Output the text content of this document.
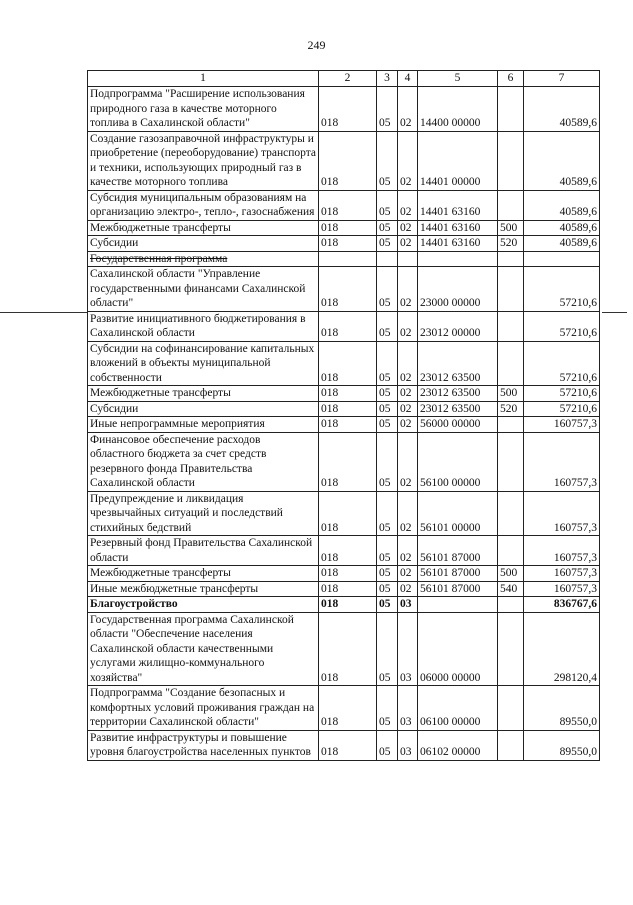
249
1	2	3	4	5	6	7
Подпрограмма "Расширение использования природного газа в качестве моторного топлива в Сахалинской области"	018	05	02	14400 00000		40589,6
Создание газозаправочной инфраструктуры и приобретение (переоборудование) транспорта и техники, использующих природный газ в качестве моторного топлива	018	05	02	14401 00000		40589,6
Субсидия муниципальным образованиям на организацию электро-, тепло-, газоснабжения	018	05	02	14401 63160		40589,6
Межбюджетные трансферты	018	05	02	14401 63160	500	40589,6
Субсидии	018	05	02	14401 63160	520	40589,6
Государственная программа						
Сахалинской области "Управление государственными финансами Сахалинской области"	018	05	02	23000 00000		57210,6
Развитие инициативного бюджетирования в Сахалинской области	018	05	02	23012 00000		57210,6
Субсидии на софинансирование капитальных вложений в объекты муниципальной собственности	018	05	02	23012 63500		57210,6
Межбюджетные трансферты	018	05	02	23012 63500	500	57210,6
Субсидии	018	05	02	23012 63500	520	57210,6
Иные непрограммные мероприятия	018	05	02	56000 00000		160757,3
Финансовое обеспечение расходов областного бюджета за счет средств резервного фонда Правительства Сахалинской области	018	05	02	56100 00000		160757,3
Предупреждение и ликвидация чрезвычайных ситуаций и последствий стихийных бедствий	018	05	02	56101 00000		160757,3
Резервный фонд Правительства Сахалинской области	018	05	02	56101 87000		160757,3
Межбюджетные трансферты	018	05	02	56101 87000	500	160757,3
Иные межбюджетные трансферты	018	05	02	56101 87000	540	160757,3
Благоустройство	018	05	03			836767,6
Государственная программа Сахалинской области "Обеспечение населения Сахалинской области качественными услугами жилищно-коммунального хозяйства"	018	05	03	06000 00000		298120,4
Подпрограмма "Создание безопасных и комфортных условий проживания граждан на территории Сахалинской области"	018	05	03	06100 00000		89550,0
Развитие инфраструктуры и повышение уровня благоустройства населенных пунктов	018	05	03	06102 00000		89550,0
